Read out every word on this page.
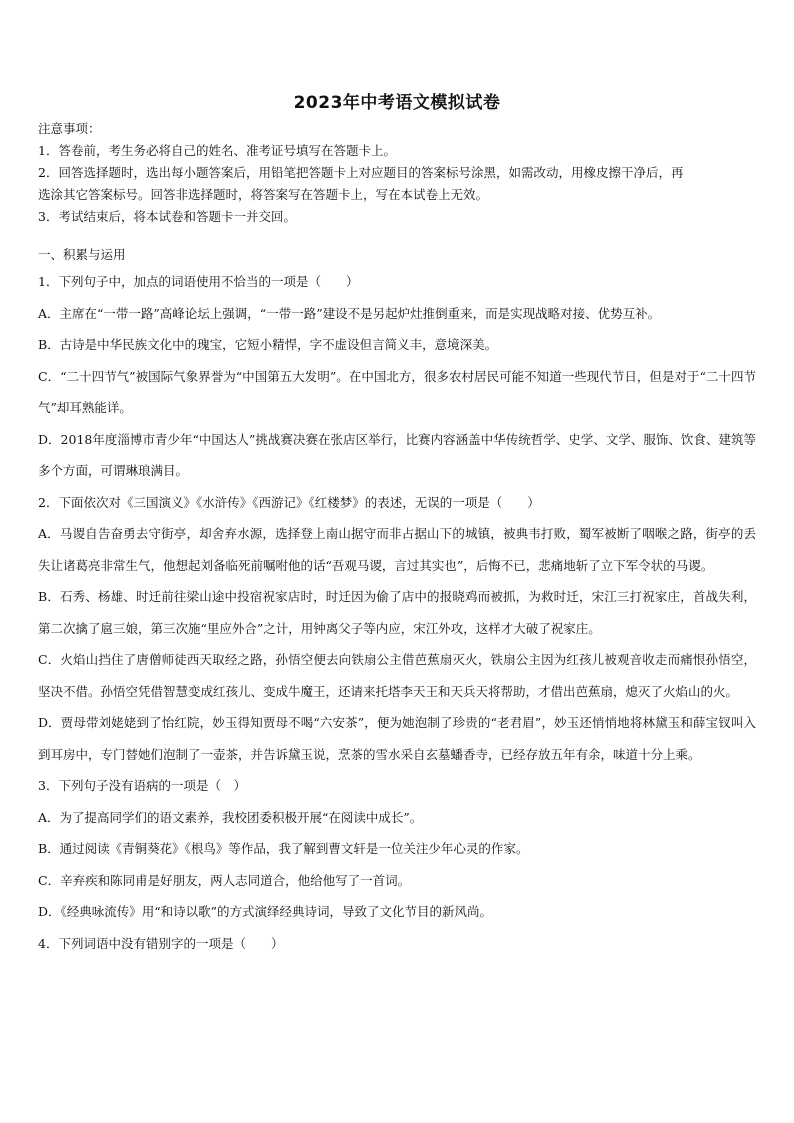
2023年中考语文模拟试卷
注意事项：
1．答卷前，考生务必将自己的姓名、准考证号填写在答题卡上。
2．回答选择题时，选出每小题答案后，用铅笔把答题卡上对应题目的答案标号涂黑，如需改动，用橡皮擦干净后，再
选涂其它答案标号。回答非选择题时，将答案写在答题卡上，写在本试卷上无效。
3．考试结束后，将本试卷和答题卡一并交回。
一、积累与运用
1．下列句子中，加点的词语使用不恰当的一项是（　　）
A．主席在“一带一路”高峰论坛上强调，“一带一路”建设不是另起炉灶推倒重来，而是实现战略对接、优势互补。
B．古诗是中华民族文化中的瑰宝，它短小精悍，字不虚设但言简义丰，意境深美。
C．“二十四节气”被国际气象界誉为“中国第五大发明”。在中国北方，很多农村居民可能不知道一些现代节日，但是对于“二十四节气”却耳熟能详。
D．2018年度淄博市青少年“中国达人”挑战赛决赛在张店区举行，比赛内容涵盖中华传统哲学、史学、文学、服饰、饮食、建筑等多个方面，可谓琳琅满目。
2．下面依次对《三国演义》《水浒传》《西游记》《红楼梦》的表述，无误的一项是（　　）
A．马谡自告奋勇去守街亭，却舍弃水源，选择登上南山据守而非占据山下的城镇，被典韦打败，蜀军被断了咽喉之路，街亭的丢失让诸葛亮非常生气，他想起刘备临死前嘱咐他的话“吾观马谡，言过其实也”，后悔不已，悲痛地斩了立下军令状的马谡。
B．石秀、杨雄、时迁前往梁山途中投宿祝家店时，时迁因为偷了店中的报晓鸡而被抓，为救时迁，宋江三打祝家庄，首战失利，第二次擒了扈三娘，第三次施“里应外合”之计，用钟离父子等内应，宋江外攻，这样才大破了祝家庄。
C．火焰山挡住了唐僧师徒西天取经之路，孙悟空便去向铁扇公主借芭蕉扇灭火，铁扇公主因为红孩儿被观音收走而痛恨孙悟空，坚决不借。孙悟空凭借智慧变成红孩儿、变成牛魔王，还请来托塔李天王和天兵天将帮助，才借出芭蕉扇，熄灭了火焰山的火。
D．贾母带刘姥姥到了怡红院，妙玉得知贾母不喝“六安茶”，便为她泡制了珍贵的“老君眉”，妙玉还悄悄地将林黛玉和薛宝钗叫入到耳房中，专门替她们泡制了一壶茶，并告诉黛玉说，烹茶的雪水采自玄墓蟠香寺，已经存放五年有余，味道十分上乘。
3．下列句子没有语病的一项是（　）
A．为了提高同学们的语文素养，我校团委积极开展“在阅读中成长”。
B．通过阅读《青铜葵花》《根鸟》等作品，我了解到曹文轩是一位关注少年心灵的作家。
C．辛弃疾和陈同甫是好朋友，两人志同道合，他给他写了一首词。
D．《经典咏流传》用“和诗以歌”的方式演绎经典诗词，导致了文化节目的新风尚。
4．下列词语中没有错别字的一项是（　　）
